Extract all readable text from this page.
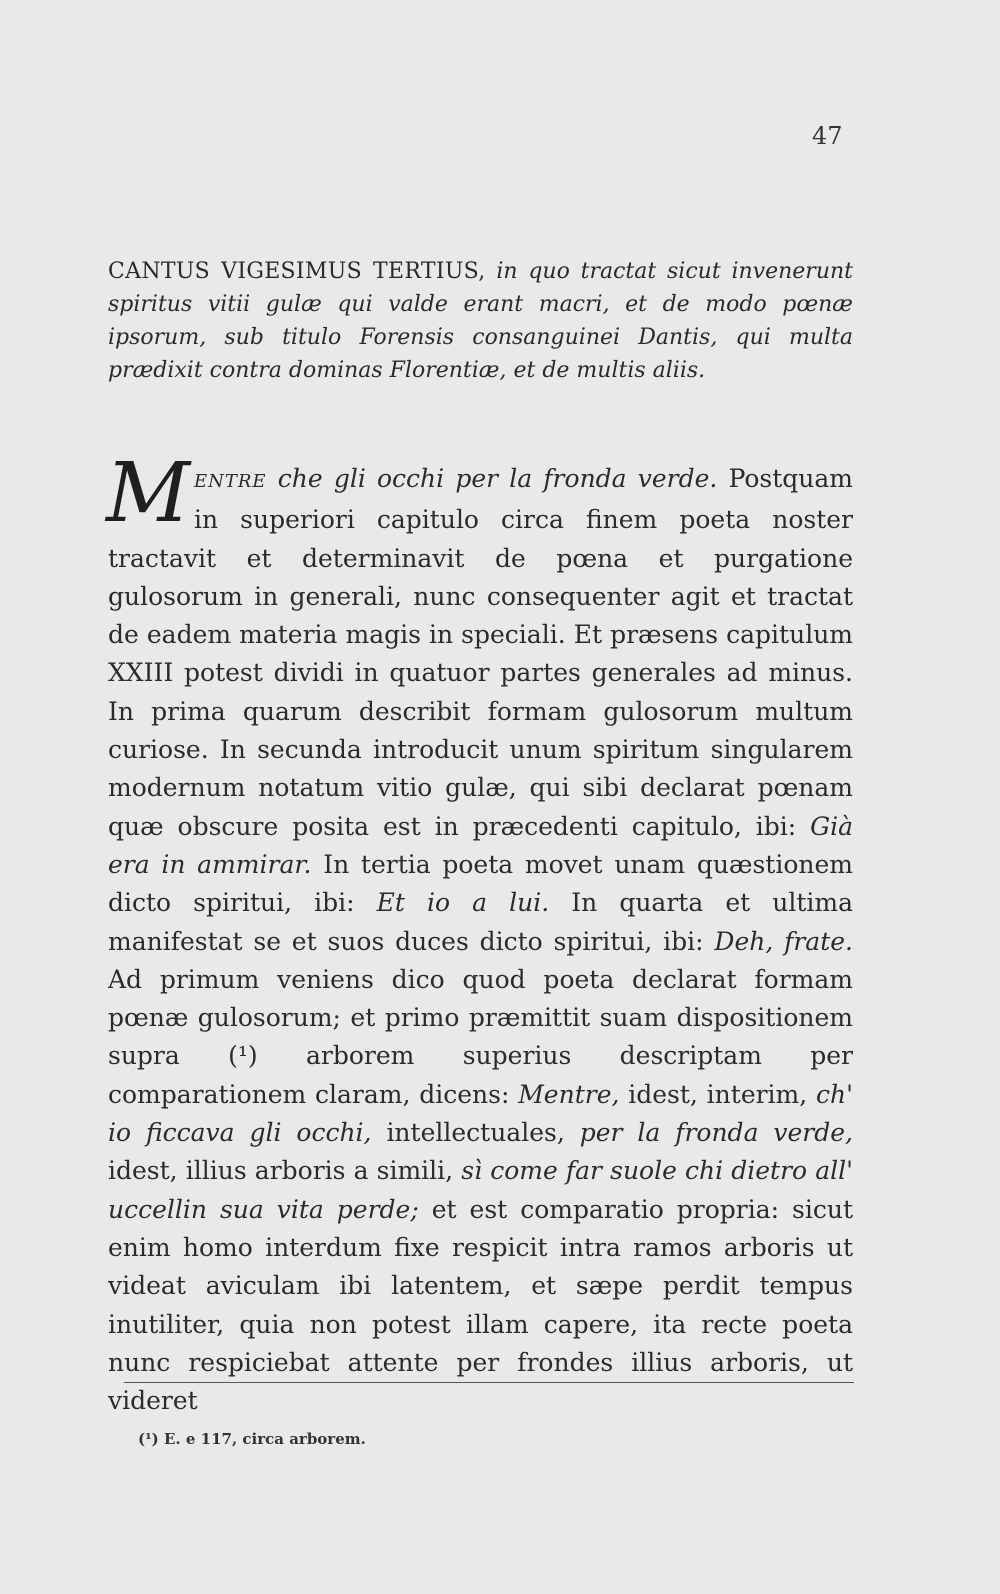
47
CANTUS VIGESIMUS TERTIUS, in quo tractat sicut invenerunt spiritus vitii gulæ qui valde erant macri, et de modo pœnæ ipsorum, sub titulo Forensis consanguinei Dantis, qui multa prædixit contra dominas Florentiæ, et de multis aliis.
MENTRE che gli occhi per la fronda verde. Postquam in superiori capitulo circa finem poeta noster tractavit et determinavit de pœna et purgatione gulosorum in generali, nunc consequenter agit et tractat de eadem materia magis in speciali. Et præsens capitulum XXIII potest dividi in quatuor partes generales ad minus. In prima quarum describit formam gulosorum multum curiose. In secunda introducit unum spiritum singularem modernum notatum vitio gulæ, qui sibi declarat pœnam quæ obscure posita est in præcedenti capitulo, ibi: Già era in ammirar. In tertia poeta movet unam quæstionem dicto spiritui, ibi: Et io a lui. In quarta et ultima manifestat se et suos duces dicto spiritui, ibi: Deh, frate. Ad primum veniens dico quod poeta declarat formam pœnæ gulosorum; et primo præmittit suam dispositionem supra (¹) arborem superius descriptam per comparationem claram, dicens: Mentre, idest, interim, ch' io ficcava gli occhi, intellectuales, per la fronda verde, idest, illius arboris a simili, sì come far suole chi dietro all' uccellin sua vita perde; et est comparatio propria: sicut enim homo interdum fixe respicit intra ramos arboris ut videat aviculam ibi latentem, et sæpe perdit tempus inutiliter, quia non potest illam capere, ita recte poeta nunc respiciebat attente per frondes illius arboris, ut videret
(¹) E. e 117, circa arborem.
